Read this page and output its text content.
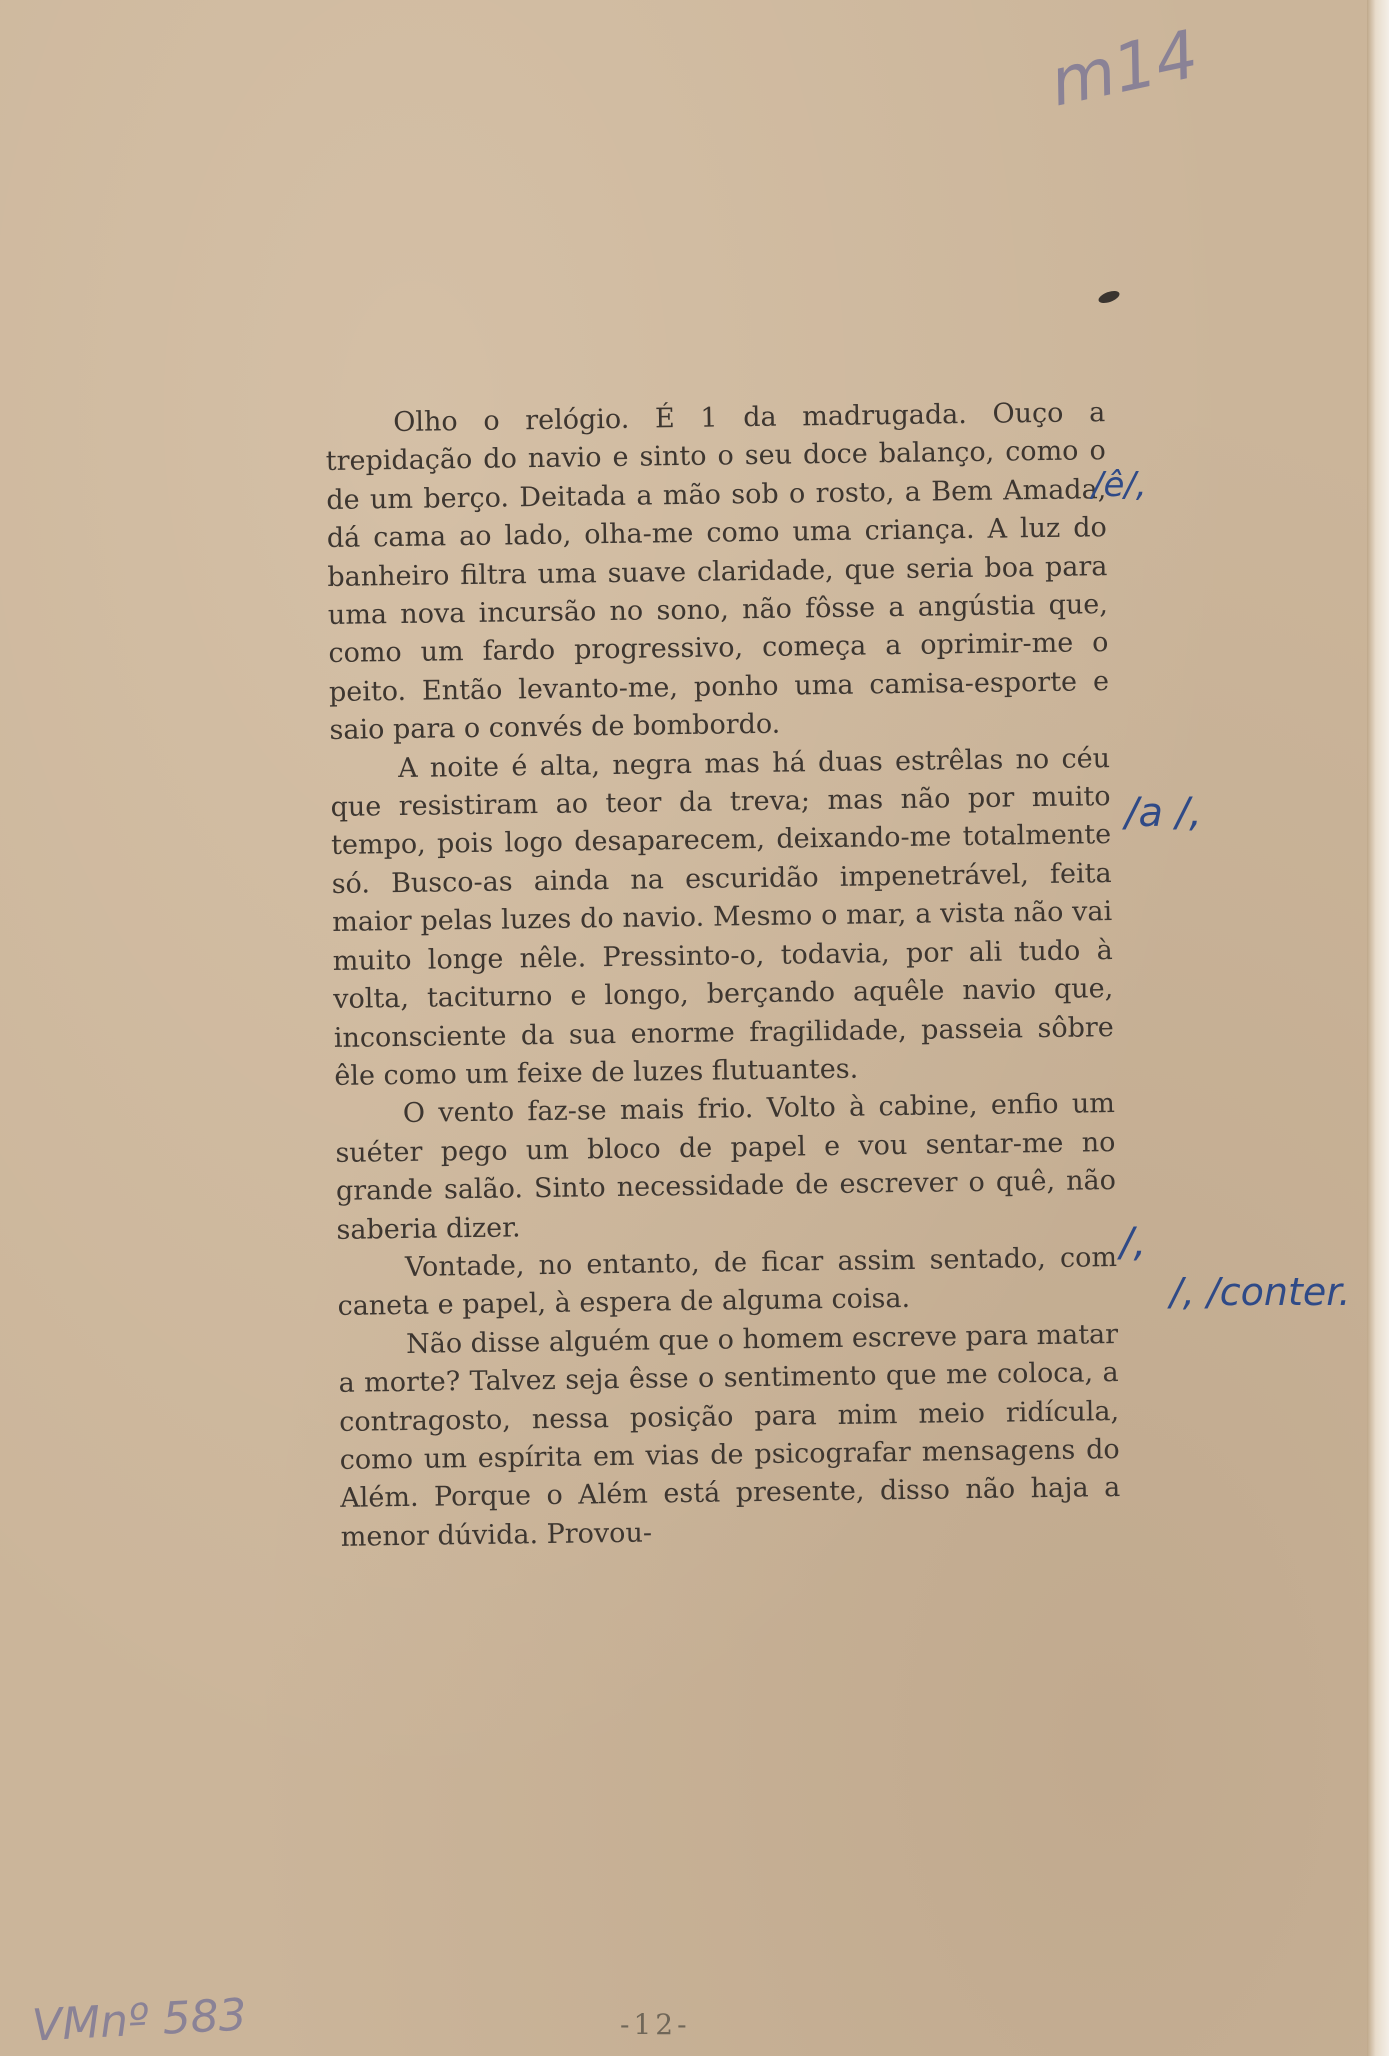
m14

Olho o relógio. É 1 da madrugada. Ouço a trepidação do navio e sinto o seu doce balanço, como o de um berço. Deitada a mão sob o rosto, a Bem Amada, dá cama ao lado, olha-me como uma criança. A luz do banheiro filtra uma suave claridade, que seria boa para uma nova incursão no sono, não fôsse a angústia que, como um fardo progressivo, começa a oprimir-me o peito. Então levanto-me, ponho uma camisa-esporte e saio para o convés de bombordo.

A noite é alta, negra mas há duas estrêlas no céu que resistiram ao teor da treva; mas não por muito tempo, pois logo desaparecem, deixando-me totalmente só. Busco-as ainda na escuridão impenetrável, feita maior pelas luzes do navio. Mesmo o mar, a vista não vai muito longe nêle. Pressinto-o, todavia, por ali tudo à volta, taciturno e longo, berçando aquêle navio que, inconsciente da sua enorme fragilidade, passeia sôbre êle como um feixe de luzes flutuantes.

O vento faz-se mais frio. Volto à cabine, enfio um suéter pego um bloco de papel e vou sentar-me no grande salão. Sinto necessidade de escrever o quê, não saberia dizer.

Vontade, no entanto, de ficar assim sentado, com caneta e papel, à espera de alguma coisa.

Não disse alguém que o homem escreve para matar a morte? Talvez seja êsse o sentimento que me coloca, a contragosto, nessa posição para mim meio ridícula, como um espírita em vias de psicografar mensagens do Além. Porque o Além está presente, disso não haja a menor dúvida. Provou-

/ê/,
/a /,
/,
/, /conter.
-12-
VMnº 583
